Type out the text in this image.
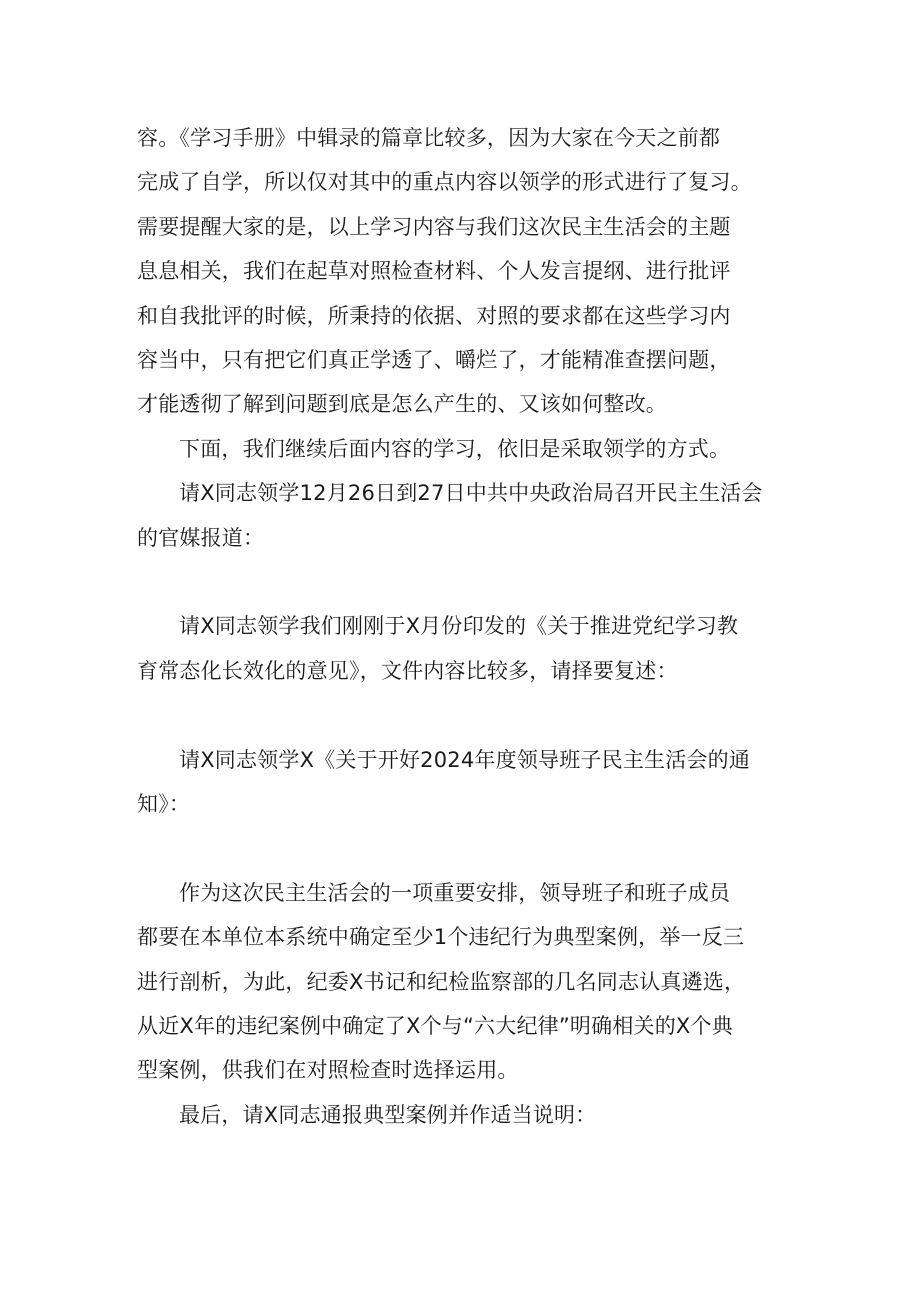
容。《学习手册》中辑录的篇章比较多，因为大家在今天之前都
完成了自学，所以仅对其中的重点内容以领学的形式进行了复习。
需要提醒大家的是，以上学习内容与我们这次民主生活会的主题
息息相关，我们在起草对照检查材料、个人发言提纲、进行批评
和自我批评的时候，所秉持的依据、对照的要求都在这些学习内
容当中，只有把它们真正学透了、嚼烂了，才能精准查摆问题，
才能透彻了解到问题到底是怎么产生的、又该如何整改。

下面，我们继续后面内容的学习，依旧是采取领学的方式。

请X同志领学12月26日到27日中共中央政治局召开民主生活会
的官媒报道：

请X同志领学我们刚刚于X月份印发的《关于推进党纪学习教
育常态化长效化的意见》，文件内容比较多，请择要复述：

请X同志领学X《关于开好2024年度领导班子民主生活会的通
知》：

作为这次民主生活会的一项重要安排，领导班子和班子成员
都要在本单位本系统中确定至少1个违纪行为典型案例，举一反三
进行剖析，为此，纪委X书记和纪检监察部的几名同志认真遴选，
从近X年的违纪案例中确定了X个与“六大纪律”明确相关的X个典
型案例，供我们在对照检查时选择运用。

最后，请X同志通报典型案例并作适当说明：
